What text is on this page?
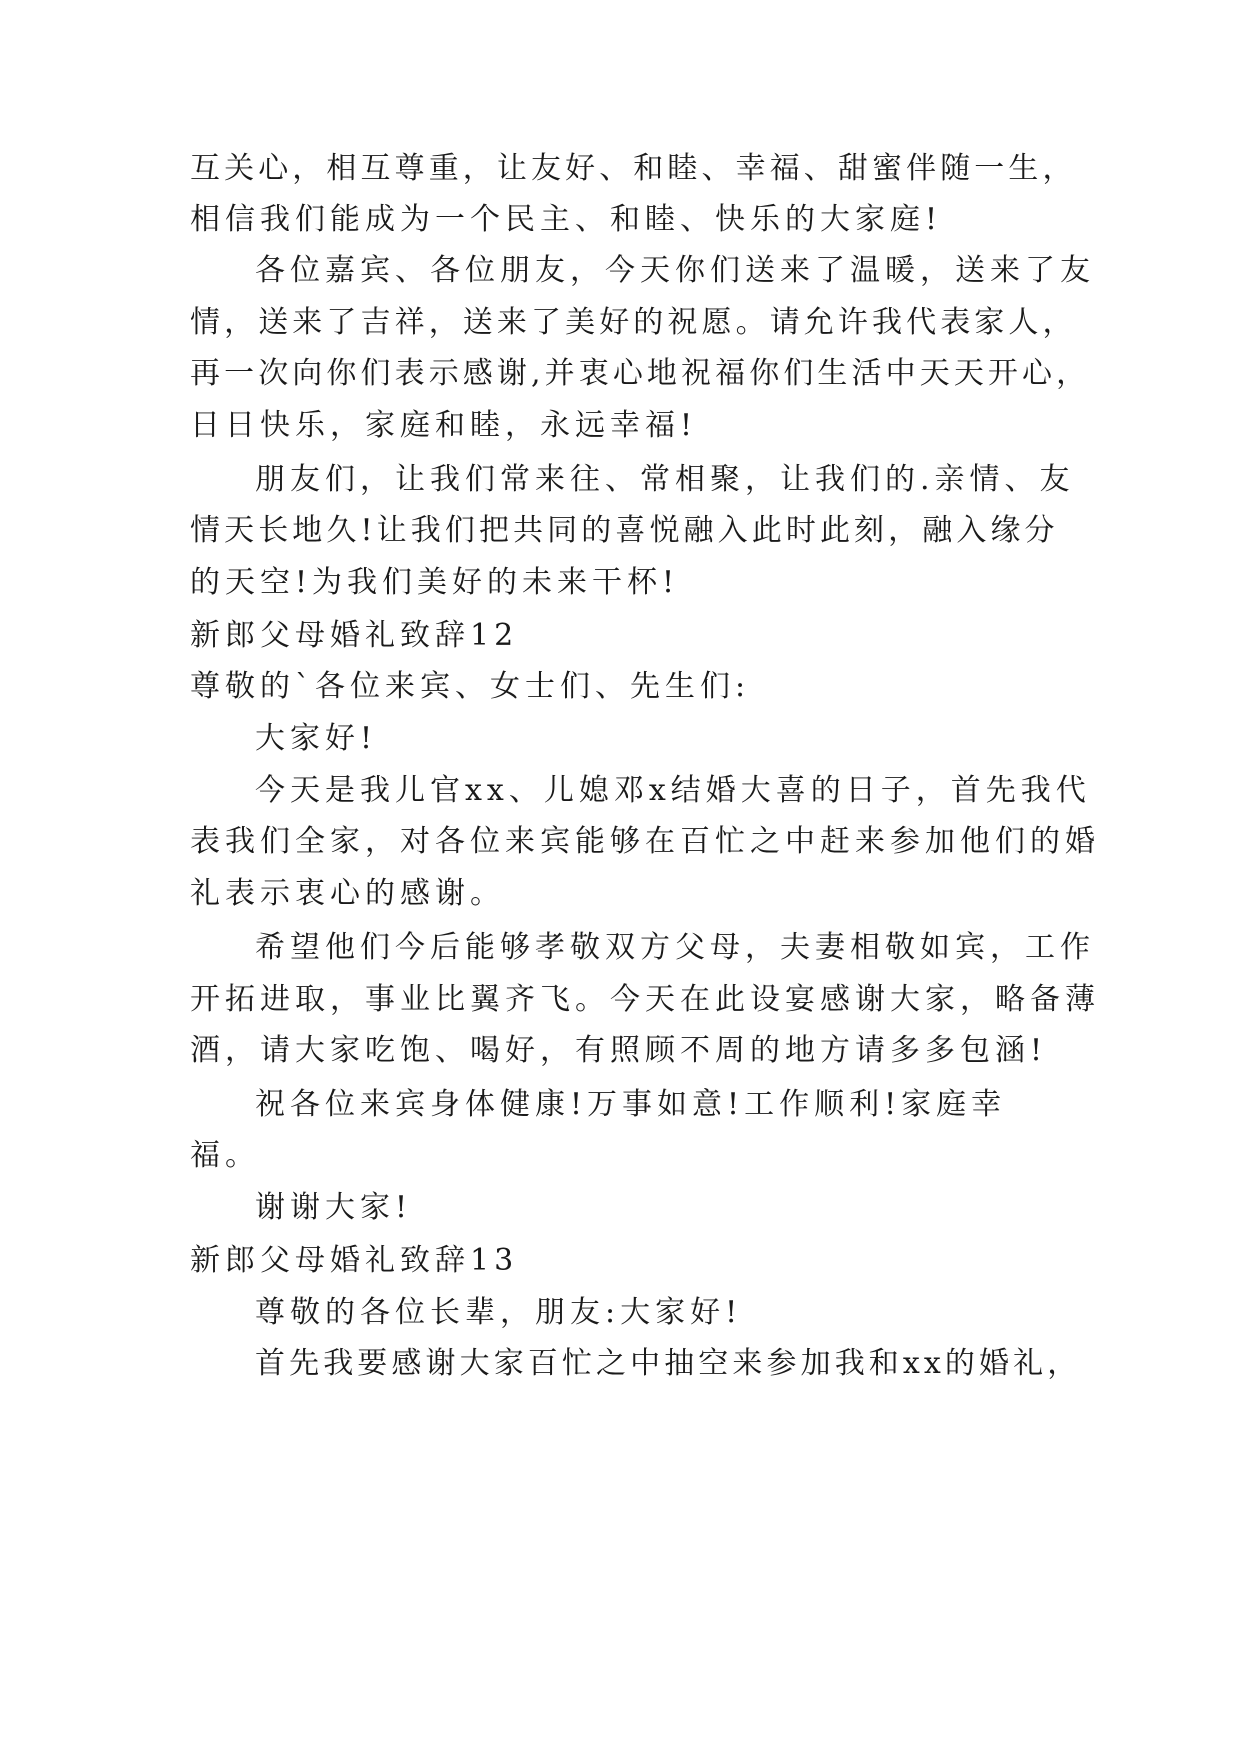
互关心，相互尊重，让友好、和睦、幸福、甜蜜伴随一生，
相信我们能成为一个民主、和睦、快乐的大家庭!
各位嘉宾、各位朋友，今天你们送来了温暖，送来了友
情，送来了吉祥，送来了美好的祝愿。请允许我代表家人，
再一次向你们表示感谢,并衷心地祝福你们生活中天天开心，
日日快乐，家庭和睦，永远幸福!
朋友们，让我们常来往、常相聚，让我们的.亲情、友
情天长地久!让我们把共同的喜悦融入此时此刻，融入缘分
的天空!为我们美好的未来干杯!
新郎父母婚礼致辞12
尊敬的`各位来宾、女士们、先生们:
大家好!
今天是我儿官xx、儿媳邓x结婚大喜的日子，首先我代
表我们全家，对各位来宾能够在百忙之中赶来参加他们的婚
礼表示衷心的感谢。
希望他们今后能够孝敬双方父母，夫妻相敬如宾，工作
开拓进取，事业比翼齐飞。今天在此设宴感谢大家，略备薄
酒，请大家吃饱、喝好，有照顾不周的地方请多多包涵!
祝各位来宾身体健康!万事如意!工作顺利!家庭幸
福。
谢谢大家!
新郎父母婚礼致辞13
尊敬的各位长辈，朋友:大家好!
首先我要感谢大家百忙之中抽空来参加我和xx的婚礼，
